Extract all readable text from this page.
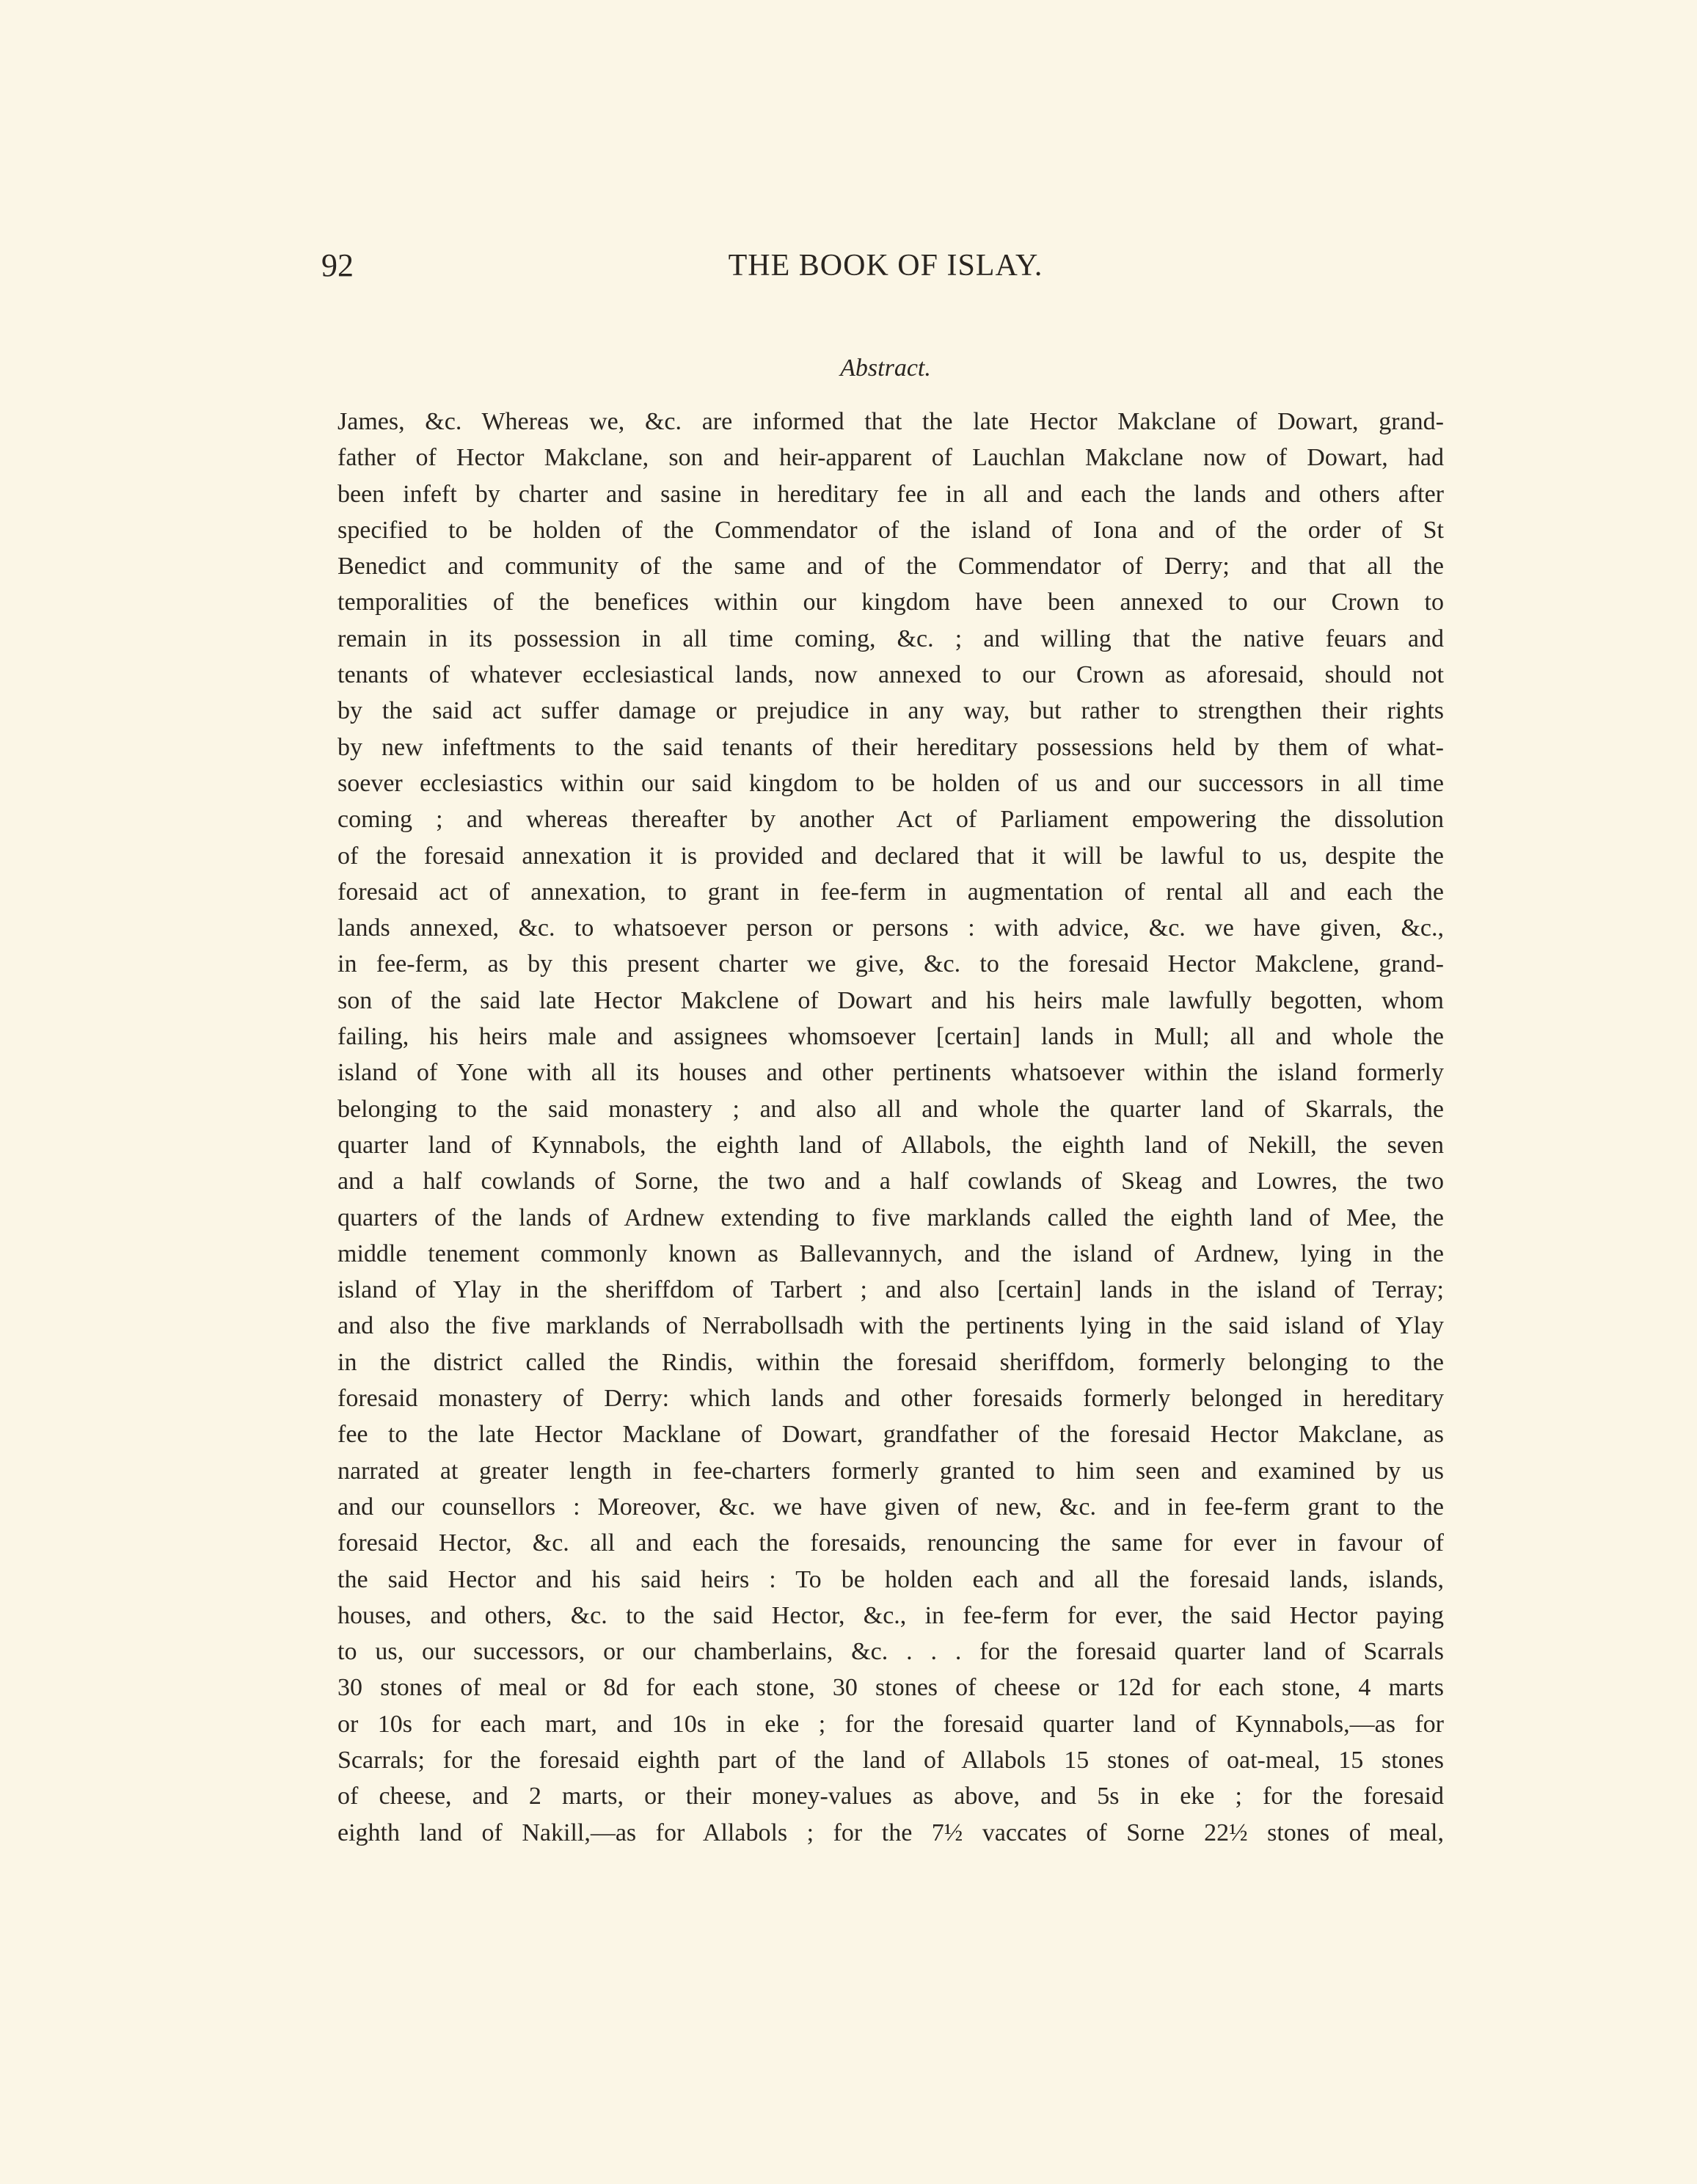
92	THE BOOK OF ISLAY.
Abstract.
James, &c. Whereas we, &c. are informed that the late Hector Makclane of Dowart, grand-
father of Hector Makclane, son and heir-apparent of Lauchlan Makclane now of Dowart, had
been infeft by charter and sasine in hereditary fee in all and each the lands and others after
specified to be holden of the Commendator of the island of Iona and of the order of St
Benedict and community of the same and of the Commendator of Derry; and that all the
temporalities of the benefices within our kingdom have been annexed to our Crown to
remain in its possession in all time coming, &c. ; and willing that the native feuars and
tenants of whatever ecclesiastical lands, now annexed to our Crown as aforesaid, should not
by the said act suffer damage or prejudice in any way, but rather to strengthen their rights
by new infeftments to the said tenants of their hereditary possessions held by them of what-
soever ecclesiastics within our said kingdom to be holden of us and our successors in all time
coming ; and whereas thereafter by another Act of Parliament empowering the dissolution
of the foresaid annexation it is provided and declared that it will be lawful to us, despite the
foresaid act of annexation, to grant in fee-ferm in augmentation of rental all and each the
lands annexed, &c. to whatsoever person or persons : with advice, &c. we have given, &c.,
in fee-ferm, as by this present charter we give, &c. to the foresaid Hector Makclene, grand-
son of the said late Hector Makclene of Dowart and his heirs male lawfully begotten, whom
failing, his heirs male and assignees whomsoever [certain] lands in Mull; all and whole the
island of Yone with all its houses and other pertinents whatsoever within the island formerly
belonging to the said monastery ; and also all and whole the quarter land of Skarrals, the
quarter land of Kynnabols, the eighth land of Allabols, the eighth land of Nekill, the seven
and a half cowlands of Sorne, the two and a half cowlands of Skeag and Lowres, the two
quarters of the lands of Ardnew extending to five marklands called the eighth land of Mee, the
middle tenement commonly known as Ballevannych, and the island of Ardnew, lying in the
island of Ylay in the sheriffdom of Tarbert ; and also [certain] lands in the island of Terray;
and also the five marklands of Nerrabollsadh with the pertinents lying in the said island of Ylay
in the district called the Rindis, within the foresaid sheriffdom, formerly belonging to the
foresaid monastery of Derry: which lands and other foresaids formerly belonged in hereditary
fee to the late Hector Macklane of Dowart, grandfather of the foresaid Hector Makclane, as
narrated at greater length in fee-charters formerly granted to him seen and examined by us
and our counsellors : Moreover, &c. we have given of new, &c. and in fee-ferm grant to the
foresaid Hector, &c. all and each the foresaids, renouncing the same for ever in favour of
the said Hector and his said heirs : To be holden each and all the foresaid lands, islands,
houses, and others, &c. to the said Hector, &c., in fee-ferm for ever, the said Hector paying
to us, our successors, or our chamberlains, &c. . . . for the foresaid quarter land of Scarrals
30 stones of meal or 8d for each stone, 30 stones of cheese or 12d for each stone, 4 marts
or 10s for each mart, and 10s in eke ; for the foresaid quarter land of Kynnabols,—as for
Scarrals; for the foresaid eighth part of the land of Allabols 15 stones of oat-meal, 15 stones
of cheese, and 2 marts, or their money-values as above, and 5s in eke ; for the foresaid
eighth land of Nakill,—as for Allabols ; for the 7½ vaccates of Sorne 22½ stones of meal,
